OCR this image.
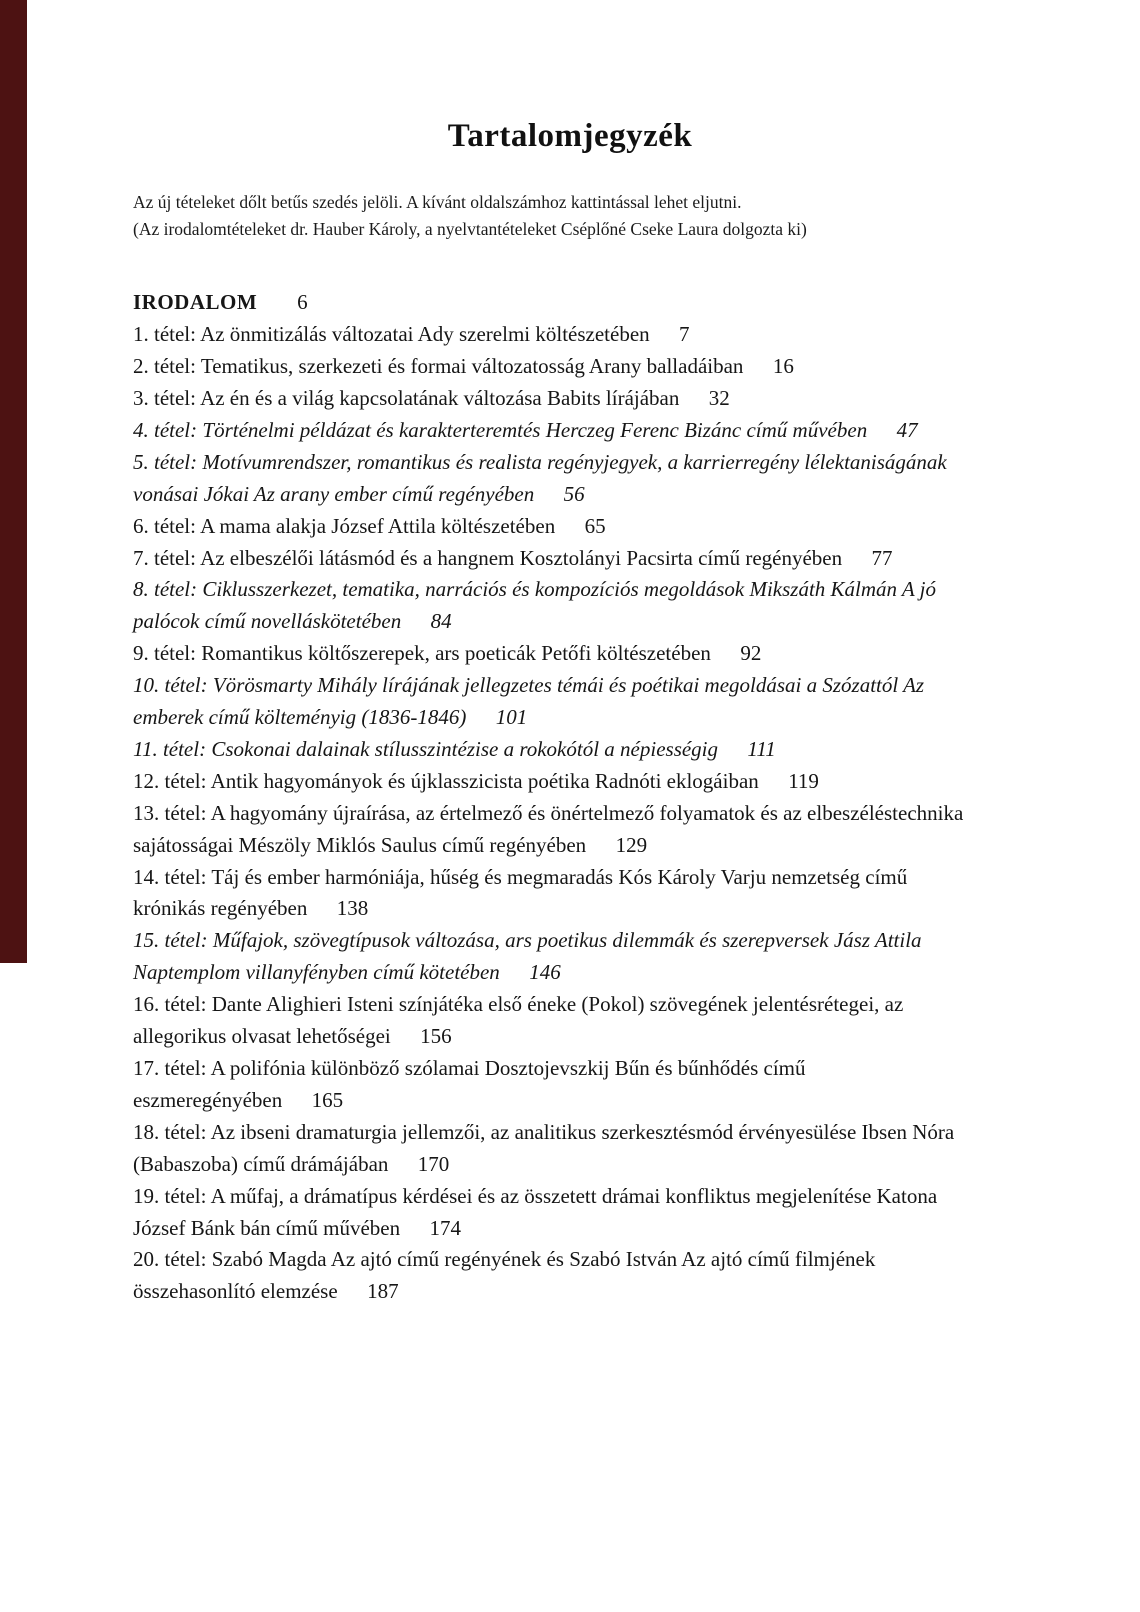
Tartalomjegyzék
Az új tételeket dőlt betűs szedés jelöli. A kívánt oldalszámhoz kattintással lehet eljutni.
(Az irodalomtételeket dr. Hauber Károly, a nyelvtantételeket Cséplőné Cseke Laura dolgozta ki)

IRODALOM 6

1. tétel: Az önmitizálás változatai Ady szerelmi költészetében 7

2. tétel: Tematikus, szerkezeti és formai változatosság Arany balladáiban 16

3. tétel: Az én és a világ kapcsolatának változása Babits lírájában 32

4. tétel: Történelmi példázat és karakterteremtés Herczeg Ferenc Bizánc című művében 47

5. tétel: Motívumrendszer, romantikus és realista regényjegyek, a karrierregény lélektaniságának vonásai Jókai Az arany ember című regényében 56

6. tétel: A mama alakja József Attila költészetében 65

7. tétel: Az elbeszélői látásmód és a hangnem Kosztolányi Pacsirta című regényében 77

8. tétel: Ciklusszerkezet, tematika, narrációs és kompozíciós megoldások Mikszáth Kálmán A jó palócok című novelláskötetében 84

9. tétel: Romantikus költőszerepek, ars poeticák Petőfi költészetében 92

10. tétel: Vörösmarty Mihály lírájának jellegzetes témái és poétikai megoldásai a Szózattól Az emberek című költeményig (1836-1846) 101

11. tétel: Csokonai dalainak stílusszintézise a rokokótól a népiességig 111

12. tétel: Antik hagyományok és újklasszicista poétika Radnóti eklogáiban 119

13. tétel: A hagyomány újraírása, az értelmező és önértelmező folyamatok és az elbeszéléstechnika sajátosságai Mészöly Miklós Saulus című regényében 129

14. tétel: Táj és ember harmóniája, hűség és megmaradás Kós Károly Varju nemzetség című krónikás regényében 138

15. tétel: Műfajok, szövegtípusok változása, ars poetikus dilemmák és szerepversek Jász Attila Naptemplom villanyfényben című kötetében 146

16. tétel: Dante Alighieri Isteni színjátéka első éneke (Pokol) szövegének jelentésrétegei, az allegorikus olvasat lehetőségei 156

17. tétel: A polifónia különböző szólamai Dosztojevszkij Bűn és bűnhődés című eszmeregényében 165

18. tétel: Az ibseni dramaturgia jellemzői, az analitikus szerkesztésmód érvényesülése Ibsen Nóra (Babaszoba) című drámájában 170

19. tétel: A műfaj, a drámatípus kérdései és az összetett drámai konfliktus megjelenítése Katona József Bánk bán című művében 174

20. tétel: Szabó Magda Az ajtó című regényének és Szabó István Az ajtó című filmjének összehasonlító elemzése 187
